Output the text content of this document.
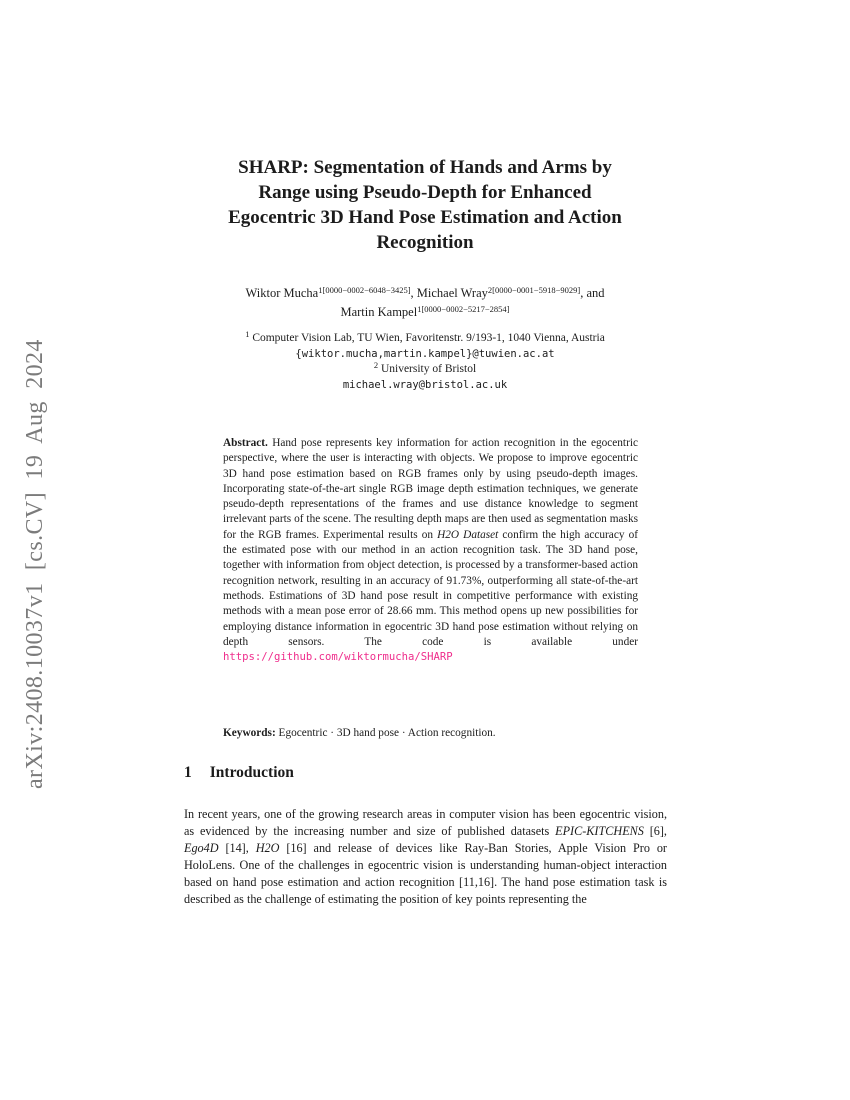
arXiv:2408.10037v1 [cs.CV] 19 Aug 2024
SHARP: Segmentation of Hands and Arms by
Range using Pseudo-Depth for Enhanced
Egocentric 3D Hand Pose Estimation and Action
Recognition
Wiktor Mucha$^{1[0000-0002-6048-3425]}$, Michael Wray$^{2[0000-0001-5918-9029]}$, and
Martin Kampel$^{1[0000-0002-5217-2854]}$
$^1$ Computer Vision Lab, TU Wien, Favoritenstr. 9/193-1, 1040 Vienna, Austria
{wiktor.mucha,martin.kampel}@tuwien.ac.at
$^2$ University of Bristol
michael.wray@bristol.ac.uk

Abstract. Hand pose represents key information for action recognition in the egocentric perspective, where the user is interacting with objects. We propose to improve egocentric 3D hand pose estimation based on RGB frames only by using pseudo-depth images. Incorporating state-of-the-art single RGB image depth estimation techniques, we generate pseudo-depth representations of the frames and use distance knowledge to segment irrelevant parts of the scene. The resulting depth maps are then used as segmentation masks for the RGB frames. Experimental results on H2O Dataset confirm the high accuracy of the estimated pose with our method in an action recognition task. The 3D hand pose, together with information from object detection, is processed by a transformer-based action recognition network, resulting in an accuracy of 91.73%, outperforming all state-of-the-art methods. Estimations of 3D hand pose result in competitive performance with existing methods with a mean pose error of 28.66 mm. This method opens up new possibilities for employing distance information in egocentric 3D hand pose estimation without relying on depth sensors. The code is available under https://github.com/wiktormucha/SHARP

Keywords: Egocentric · 3D hand pose · Action recognition.

1 Introduction

In recent years, one of the growing research areas in computer vision has been egocentric vision, as evidenced by the increasing number and size of published datasets EPIC-KITCHENS [6], Ego4D [14], H2O [16] and release of devices like Ray-Ban Stories, Apple Vision Pro or HoloLens. One of the challenges in egocentric vision is understanding human-object interaction based on hand pose estimation and action recognition [11,16]. The hand pose estimation task is described as the challenge of estimating the position of key points representing the
